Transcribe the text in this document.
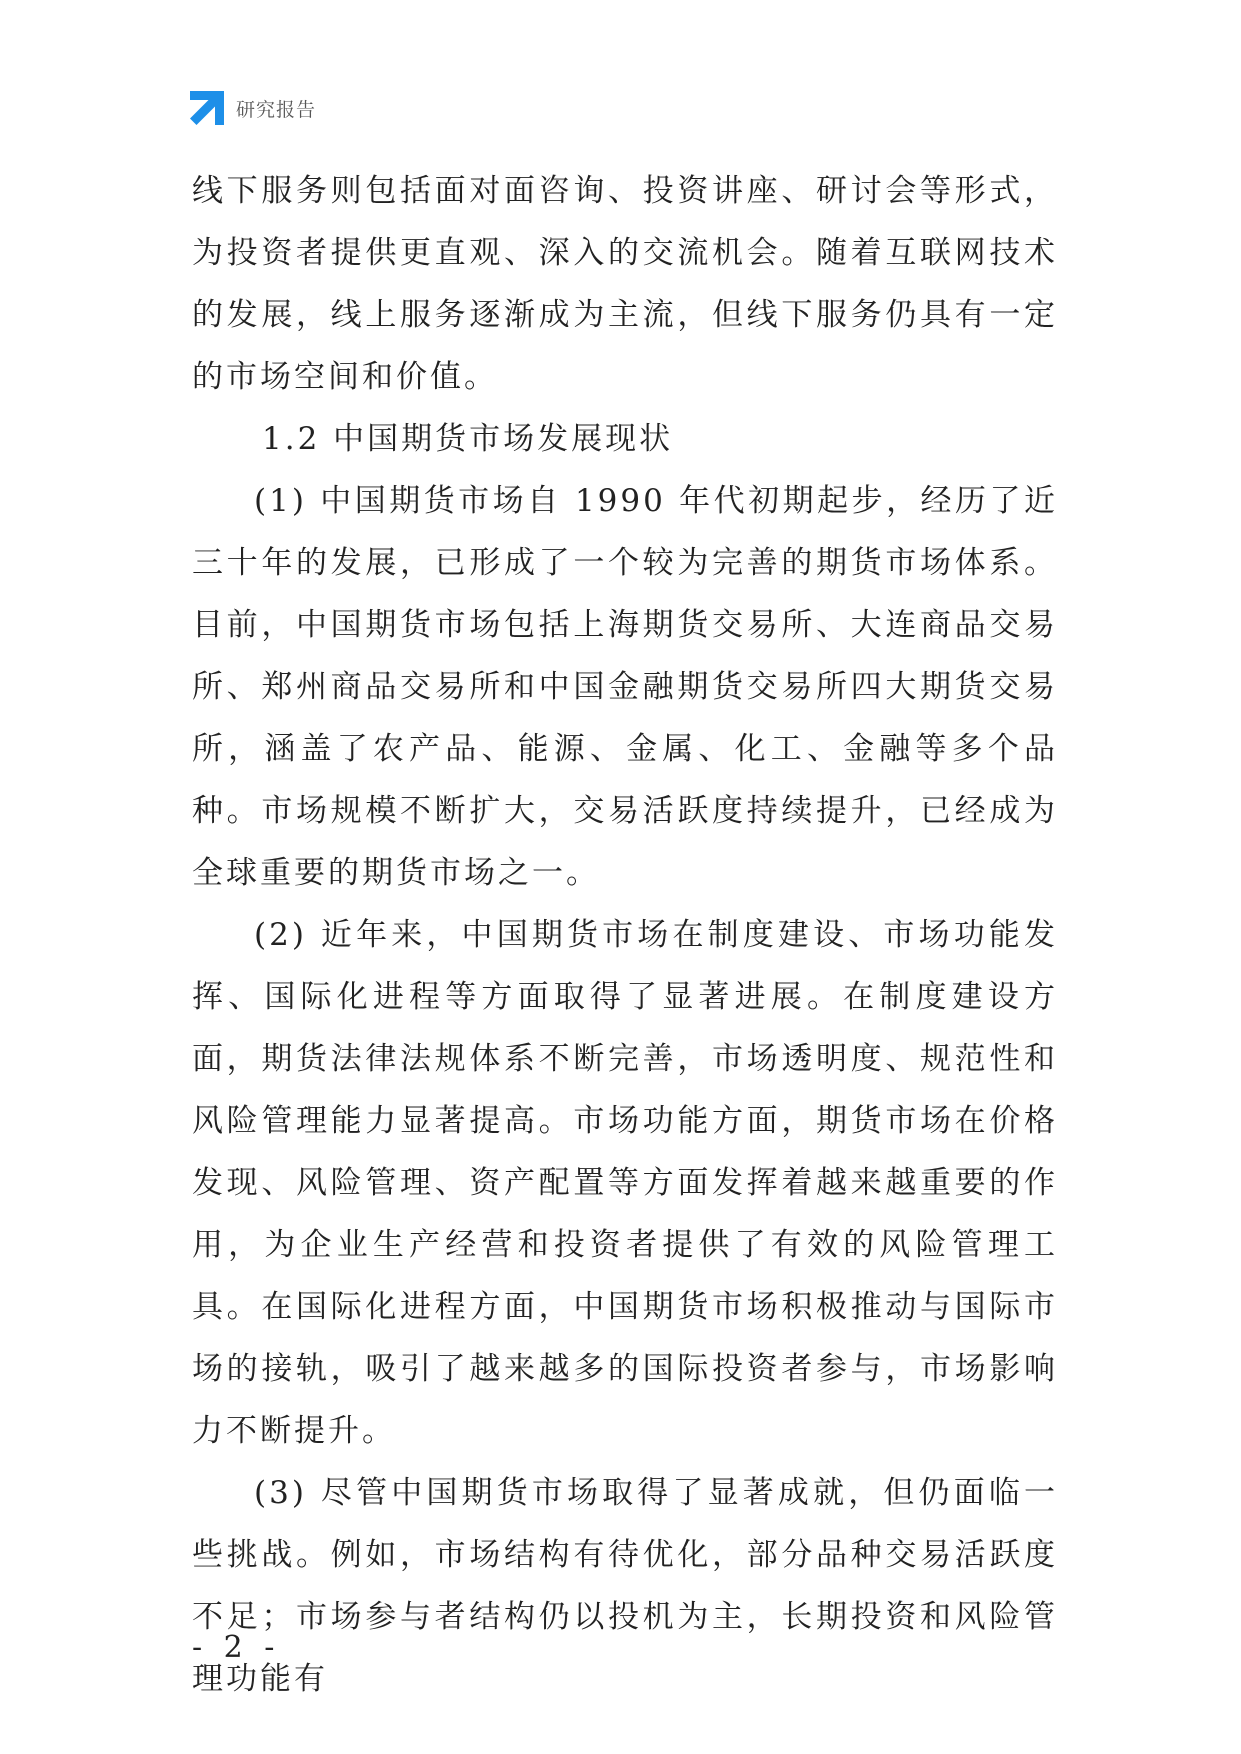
研究报告

线下服务则包括面对面咨询、投资讲座、研讨会等形式，为投资者提供更直观、深入的交流机会。随着互联网技术的发展，线上服务逐渐成为主流，但线下服务仍具有一定的市场空间和价值。

1.2 中国期货市场发展现状

(1) 中国期货市场自 1990 年代初期起步，经历了近三十年的发展，已形成了一个较为完善的期货市场体系。目前，中国期货市场包括上海期货交易所、大连商品交易所、郑州商品交易所和中国金融期货交易所四大期货交易所，涵盖了农产品、能源、金属、化工、金融等多个品种。市场规模不断扩大，交易活跃度持续提升，已经成为全球重要的期货市场之一。

(2) 近年来，中国期货市场在制度建设、市场功能发挥、国际化进程等方面取得了显著进展。在制度建设方面，期货法律法规体系不断完善，市场透明度、规范性和风险管理能力显著提高。市场功能方面，期货市场在价格发现、风险管理、资产配置等方面发挥着越来越重要的作用，为企业生产经营和投资者提供了有效的风险管理工具。在国际化进程方面，中国期货市场积极推动与国际市场的接轨，吸引了越来越多的国际投资者参与，市场影响力不断提升。

(3) 尽管中国期货市场取得了显著成就，但仍面临一些挑战。例如，市场结构有待优化，部分品种交易活跃度不足；市场参与者结构仍以投机为主，长期投资和风险管理功能有

- 2 -
